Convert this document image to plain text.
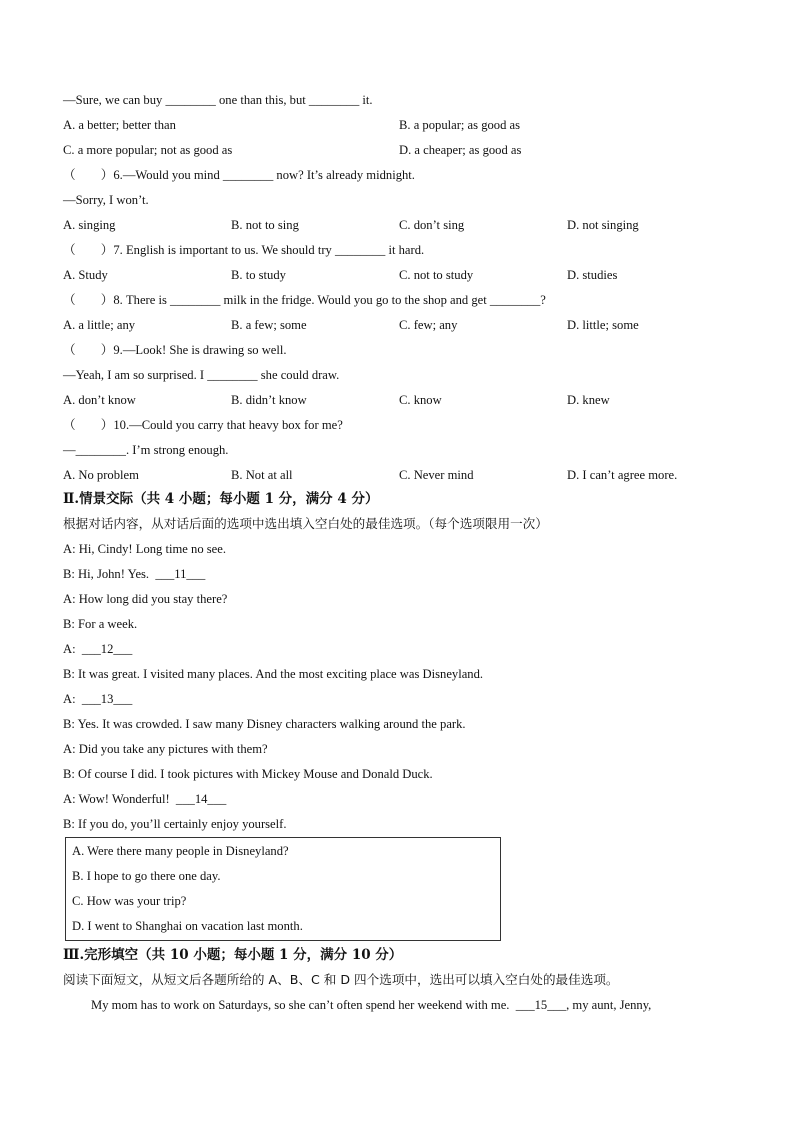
—Sure, we can buy ________ one than this, but ________ it.
A. a better; better than	B. a popular; as good as
C. a more popular; not as good as	D. a cheaper; as good as
（　　）6.—Would you mind ________ now? It’s already midnight.
—Sorry, I won’t.
A. singing	B. not to sing	C. don’t sing	D. not singing
（　　）7. English is important to us. We should try ________ it hard.
A. Study	B. to study	C. not to study	D. studies
（　　）8. There is ________ milk in the fridge. Would you go to the shop and get ________?
A. a little; any	B. a few; some	C. few; any	D. little; some
（　　）9.—Look! She is drawing so well.
—Yeah, I am so surprised. I ________ she could draw.
A. don’t know	B. didn’t know	C. know	D. knew
（　　）10.—Could you carry that heavy box for me?
—________. I’m strong enough.
A. No problem	B. Not at all	C. Never mind	D. I can’t agree more.
Ⅱ.情景交际（共 4 小题；每小题 1 分，满分 4 分）
根据对话内容，从对话后面的选项中选出填入空白处的最佳选项。（每个选项限用一次）
A: Hi, Cindy! Long time no see.
B: Hi, John! Yes.  ___11___
A: How long did you stay there?
B: For a week.
A:  ___12___
B: It was great. I visited many places. And the most exciting place was Disneyland.
A:  ___13___
B: Yes. It was crowded. I saw many Disney characters walking around the park.
A: Did you take any pictures with them?
B: Of course I did. I took pictures with Mickey Mouse and Donald Duck.
A: Wow! Wonderful!  ___14___
B: If you do, you’ll certainly enjoy yourself.
A. Were there many people in Disneyland?
B. I hope to go there one day.
C. How was your trip?
D. I went to Shanghai on vacation last month.
Ⅲ.完形填空（共 10 小题；每小题 1 分，满分 10 分）
阅读下面短文，从短文后各题所给的 A、B、C 和 D 四个选项中，选出可以填入空白处的最佳选项。
My mom has to work on Saturdays, so she can’t often spend her weekend with me.  ___15___, my aunt, Jenny,
